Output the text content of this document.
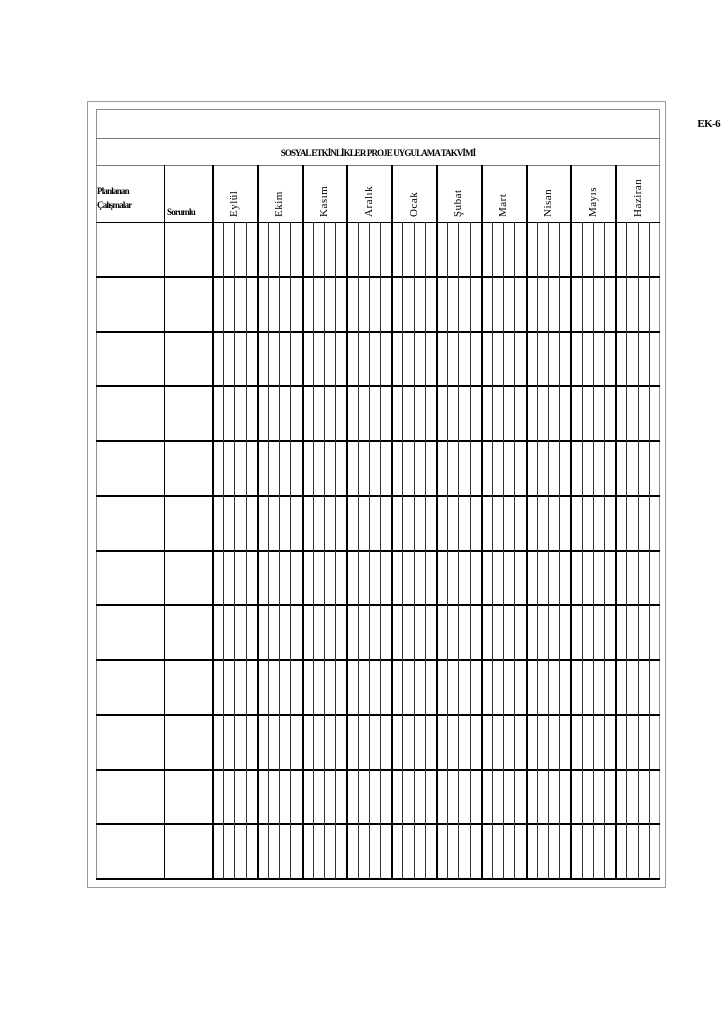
EK-6
SOSYAL ETKİNLİKLER PROJE UYGULAMA TAKVİMİ
Planlanan
Çalışmalar
Sorumlu	Eylül	Ekim	Kasım	Aralık	Ocak	Şubat	Mart	Nisan	Mayıs	Haziran
